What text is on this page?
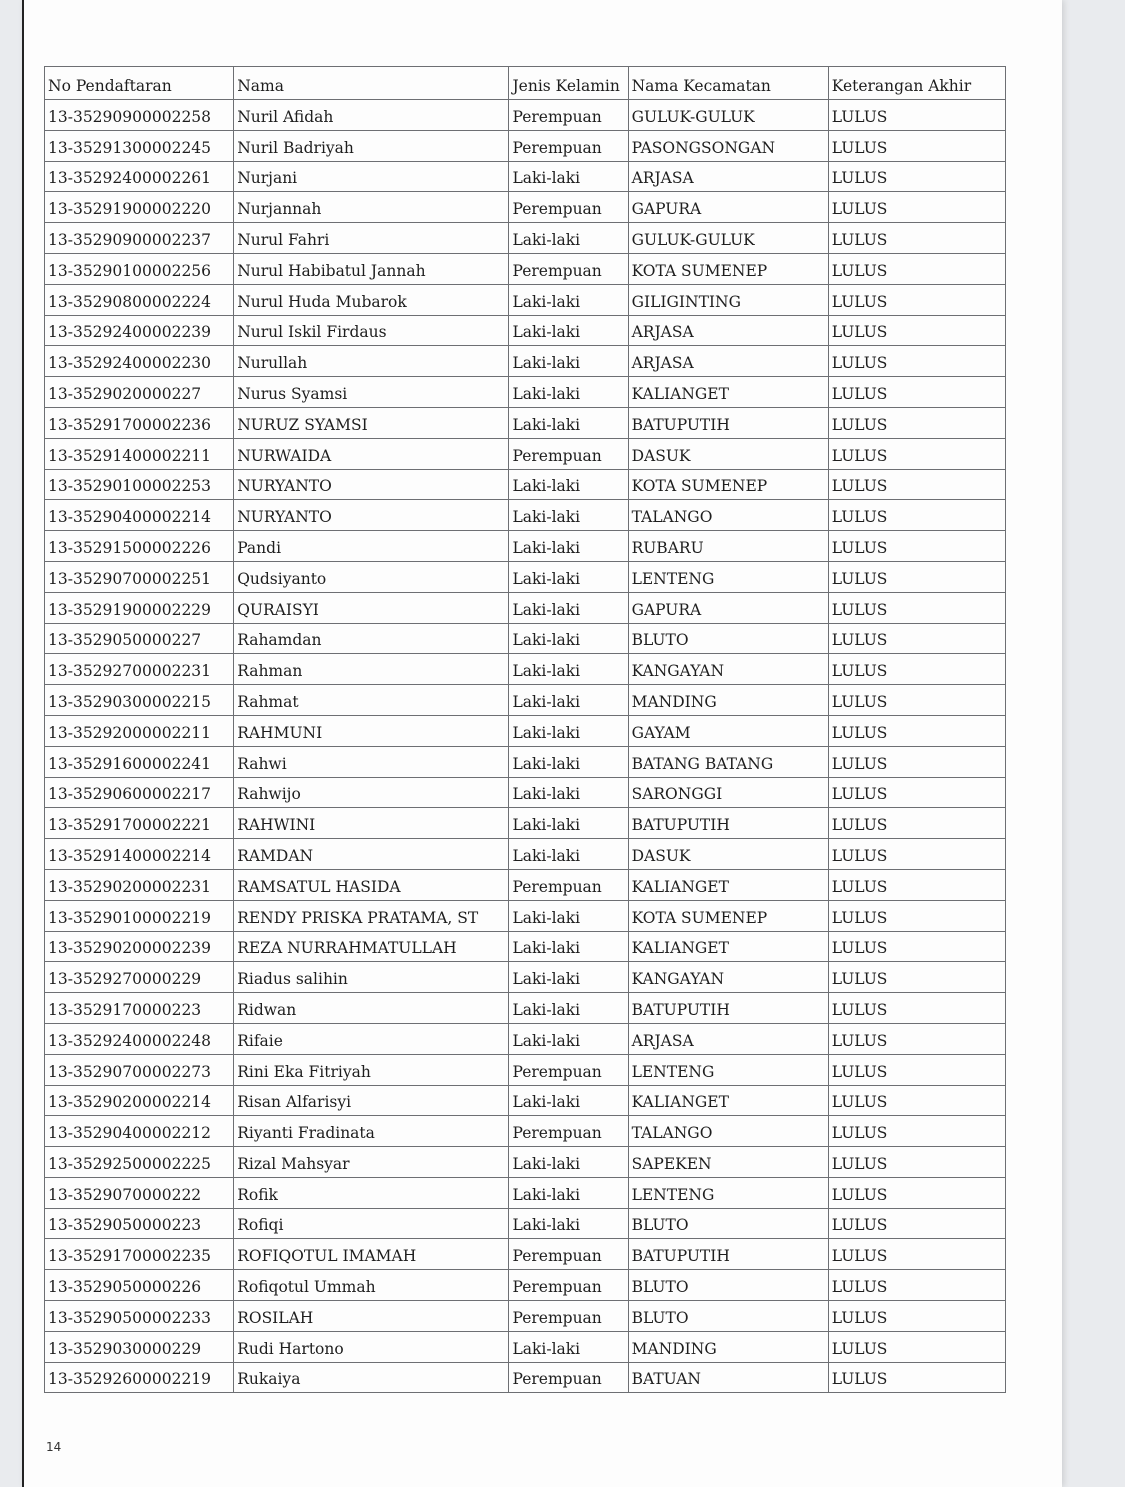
No Pendaftaran	Nama	Jenis Kelamin	Nama Kecamatan	Keterangan Akhir
13-35290900002258	Nuril Afidah	Perempuan	GULUK-GULUK	LULUS
13-35291300002245	Nuril Badriyah	Perempuan	PASONGSONGAN	LULUS
13-35292400002261	Nurjani	Laki-laki	ARJASA	LULUS
13-35291900002220	Nurjannah	Perempuan	GAPURA	LULUS
13-35290900002237	Nurul Fahri	Laki-laki	GULUK-GULUK	LULUS
13-35290100002256	Nurul Habibatul Jannah	Perempuan	KOTA SUMENEP	LULUS
13-35290800002224	Nurul Huda Mubarok	Laki-laki	GILIGINTING	LULUS
13-35292400002239	Nurul Iskil Firdaus	Laki-laki	ARJASA	LULUS
13-35292400002230	Nurullah	Laki-laki	ARJASA	LULUS
13-3529020000227	Nurus Syamsi	Laki-laki	KALIANGET	LULUS
13-35291700002236	NURUZ SYAMSI	Laki-laki	BATUPUTIH	LULUS
13-35291400002211	NURWAIDA	Perempuan	DASUK	LULUS
13-35290100002253	NURYANTO	Laki-laki	KOTA SUMENEP	LULUS
13-35290400002214	NURYANTO	Laki-laki	TALANGO	LULUS
13-35291500002226	Pandi	Laki-laki	RUBARU	LULUS
13-35290700002251	Qudsiyanto	Laki-laki	LENTENG	LULUS
13-35291900002229	QURAISYI	Laki-laki	GAPURA	LULUS
13-3529050000227	Rahamdan	Laki-laki	BLUTO	LULUS
13-35292700002231	Rahman	Laki-laki	KANGAYAN	LULUS
13-35290300002215	Rahmat	Laki-laki	MANDING	LULUS
13-35292000002211	RAHMUNI	Laki-laki	GAYAM	LULUS
13-35291600002241	Rahwi	Laki-laki	BATANG BATANG	LULUS
13-35290600002217	Rahwijo	Laki-laki	SARONGGI	LULUS
13-35291700002221	RAHWINI	Laki-laki	BATUPUTIH	LULUS
13-35291400002214	RAMDAN	Laki-laki	DASUK	LULUS
13-35290200002231	RAMSATUL HASIDA	Perempuan	KALIANGET	LULUS
13-35290100002219	RENDY PRISKA PRATAMA, ST	Laki-laki	KOTA SUMENEP	LULUS
13-35290200002239	REZA NURRAHMATULLAH	Laki-laki	KALIANGET	LULUS
13-3529270000229	Riadus salihin	Laki-laki	KANGAYAN	LULUS
13-3529170000223	Ridwan	Laki-laki	BATUPUTIH	LULUS
13-35292400002248	Rifaie	Laki-laki	ARJASA	LULUS
13-35290700002273	Rini Eka Fitriyah	Perempuan	LENTENG	LULUS
13-35290200002214	Risan Alfarisyi	Laki-laki	KALIANGET	LULUS
13-35290400002212	Riyanti Fradinata	Perempuan	TALANGO	LULUS
13-35292500002225	Rizal Mahsyar	Laki-laki	SAPEKEN	LULUS
13-3529070000222	Rofik	Laki-laki	LENTENG	LULUS
13-3529050000223	Rofiqi	Laki-laki	BLUTO	LULUS
13-35291700002235	ROFIQOTUL IMAMAH	Perempuan	BATUPUTIH	LULUS
13-3529050000226	Rofiqotul Ummah	Perempuan	BLUTO	LULUS
13-35290500002233	ROSILAH	Perempuan	BLUTO	LULUS
13-3529030000229	Rudi Hartono	Laki-laki	MANDING	LULUS
13-35292600002219	Rukaiya	Perempuan	BATUAN	LULUS
14
